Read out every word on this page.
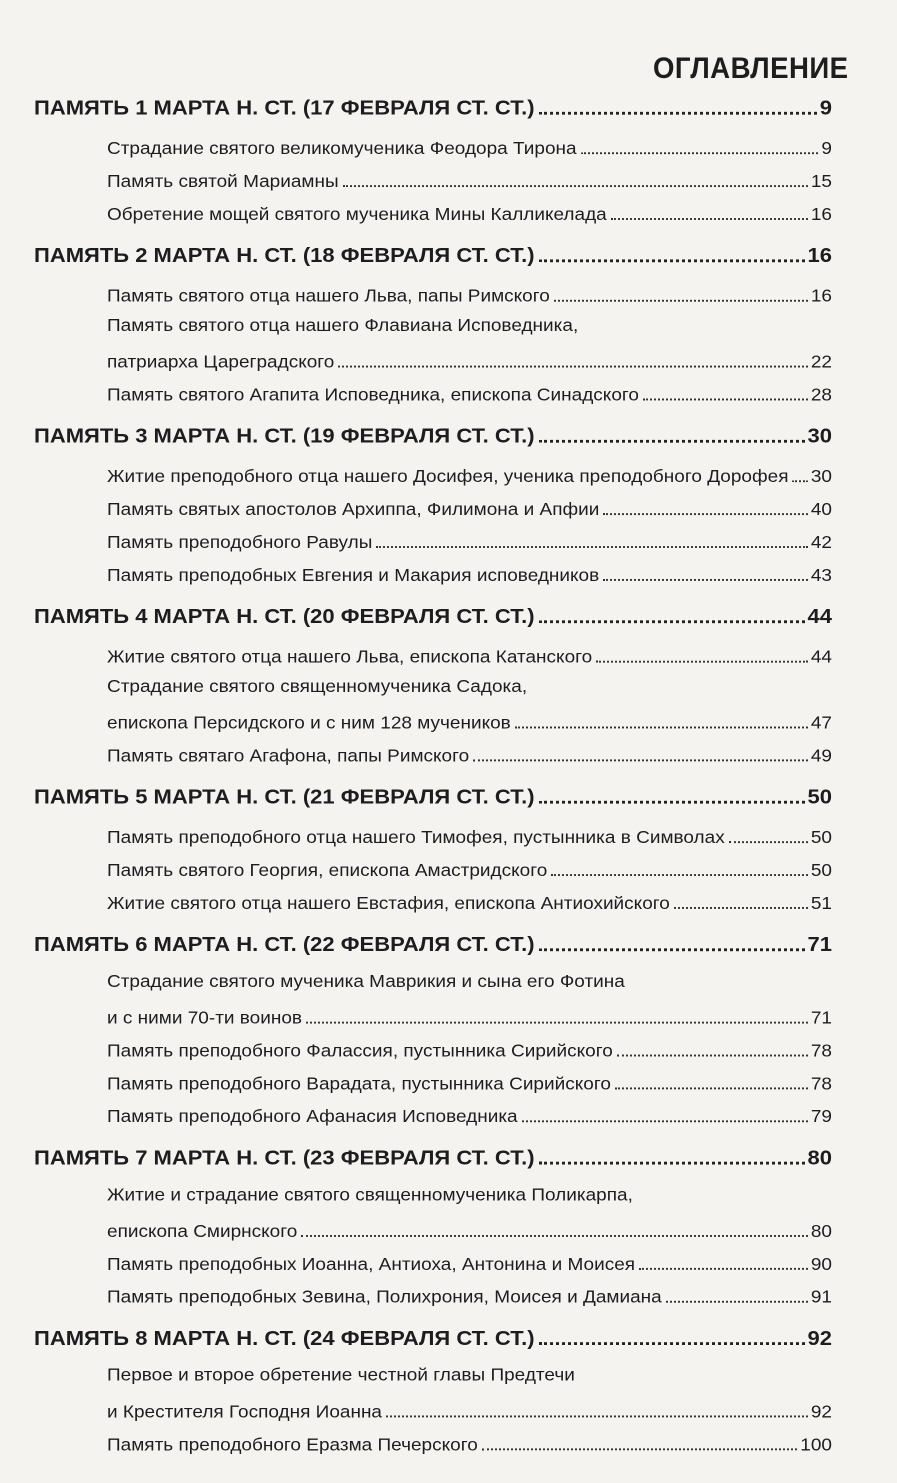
ОГЛАВЛЕНИЕ
ПАМЯТЬ 1 МАРТА Н. СТ. (17 ФЕВРАЛЯ СТ. СТ.)	9
Страдание святого великомученика Феодора Тирона	9
Память святой Мариамны	15
Обретение мощей святого мученика Мины Калликелада	16
ПАМЯТЬ 2 МАРТА Н. СТ. (18 ФЕВРАЛЯ СТ. СТ.)	16
Память святого отца нашего Льва, папы Римского	16
Память святого отца нашего Флавиана Исповедника,
патриарха Цареградского	22
Память святого Агапита Исповедника, епископа Синадского	28
ПАМЯТЬ 3 МАРТА Н. СТ. (19 ФЕВРАЛЯ СТ. СТ.)	30
Житие преподобного отца нашего Досифея, ученика преподобного Дорофея 30
Память святых апостолов Архиппа, Филимона и Апфии	40
Память преподобного Равулы	42
Память преподобных Евгения и Макария исповедников	43
ПАМЯТЬ 4 МАРТА Н. СТ. (20 ФЕВРАЛЯ СТ. СТ.)	44
Житие святого отца нашего Льва, епископа Катанского	44
Страдание святого священномученика Садока,
епископа Персидского и с ним 128 мучеников	47
Память святаго Агафона, папы Римского	49
ПАМЯТЬ 5 МАРТА Н. СТ. (21 ФЕВРАЛЯ СТ. СТ.)	50
Память преподобного отца нашего Тимофея, пустынника в Символах	50
Память святого Георгия, епископа Амастридского	50
Житие святого отца нашего Евстафия, епископа Антиохийского	51
ПАМЯТЬ 6 МАРТА Н. СТ. (22 ФЕВРАЛЯ СТ. СТ.)	71
Страдание святого мученика Маврикия и сына его Фотина
и с ними 70-ти воинов	71
Память преподобного Фалассия, пустынника Сирийского	78
Память преподобного Варадата, пустынника Сирийского	78
Память преподобного Афанасия Исповедника	79
ПАМЯТЬ 7 МАРТА Н. СТ. (23 ФЕВРАЛЯ СТ. СТ.)	80
Житие и страдание святого священномученика Поликарпа,
епископа Смирнского	80
Память преподобных Иоанна, Антиоха, Антонина и Моисея	90
Память преподобных Зевина, Полихрония, Моисея и Дамиана	91
ПАМЯТЬ 8 МАРТА Н. СТ. (24 ФЕВРАЛЯ СТ. СТ.)	92
Первое и второе обретение честной главы Предтечи
и Крестителя Господня Иоанна	92
Память преподобного Еразма Печерского	100
